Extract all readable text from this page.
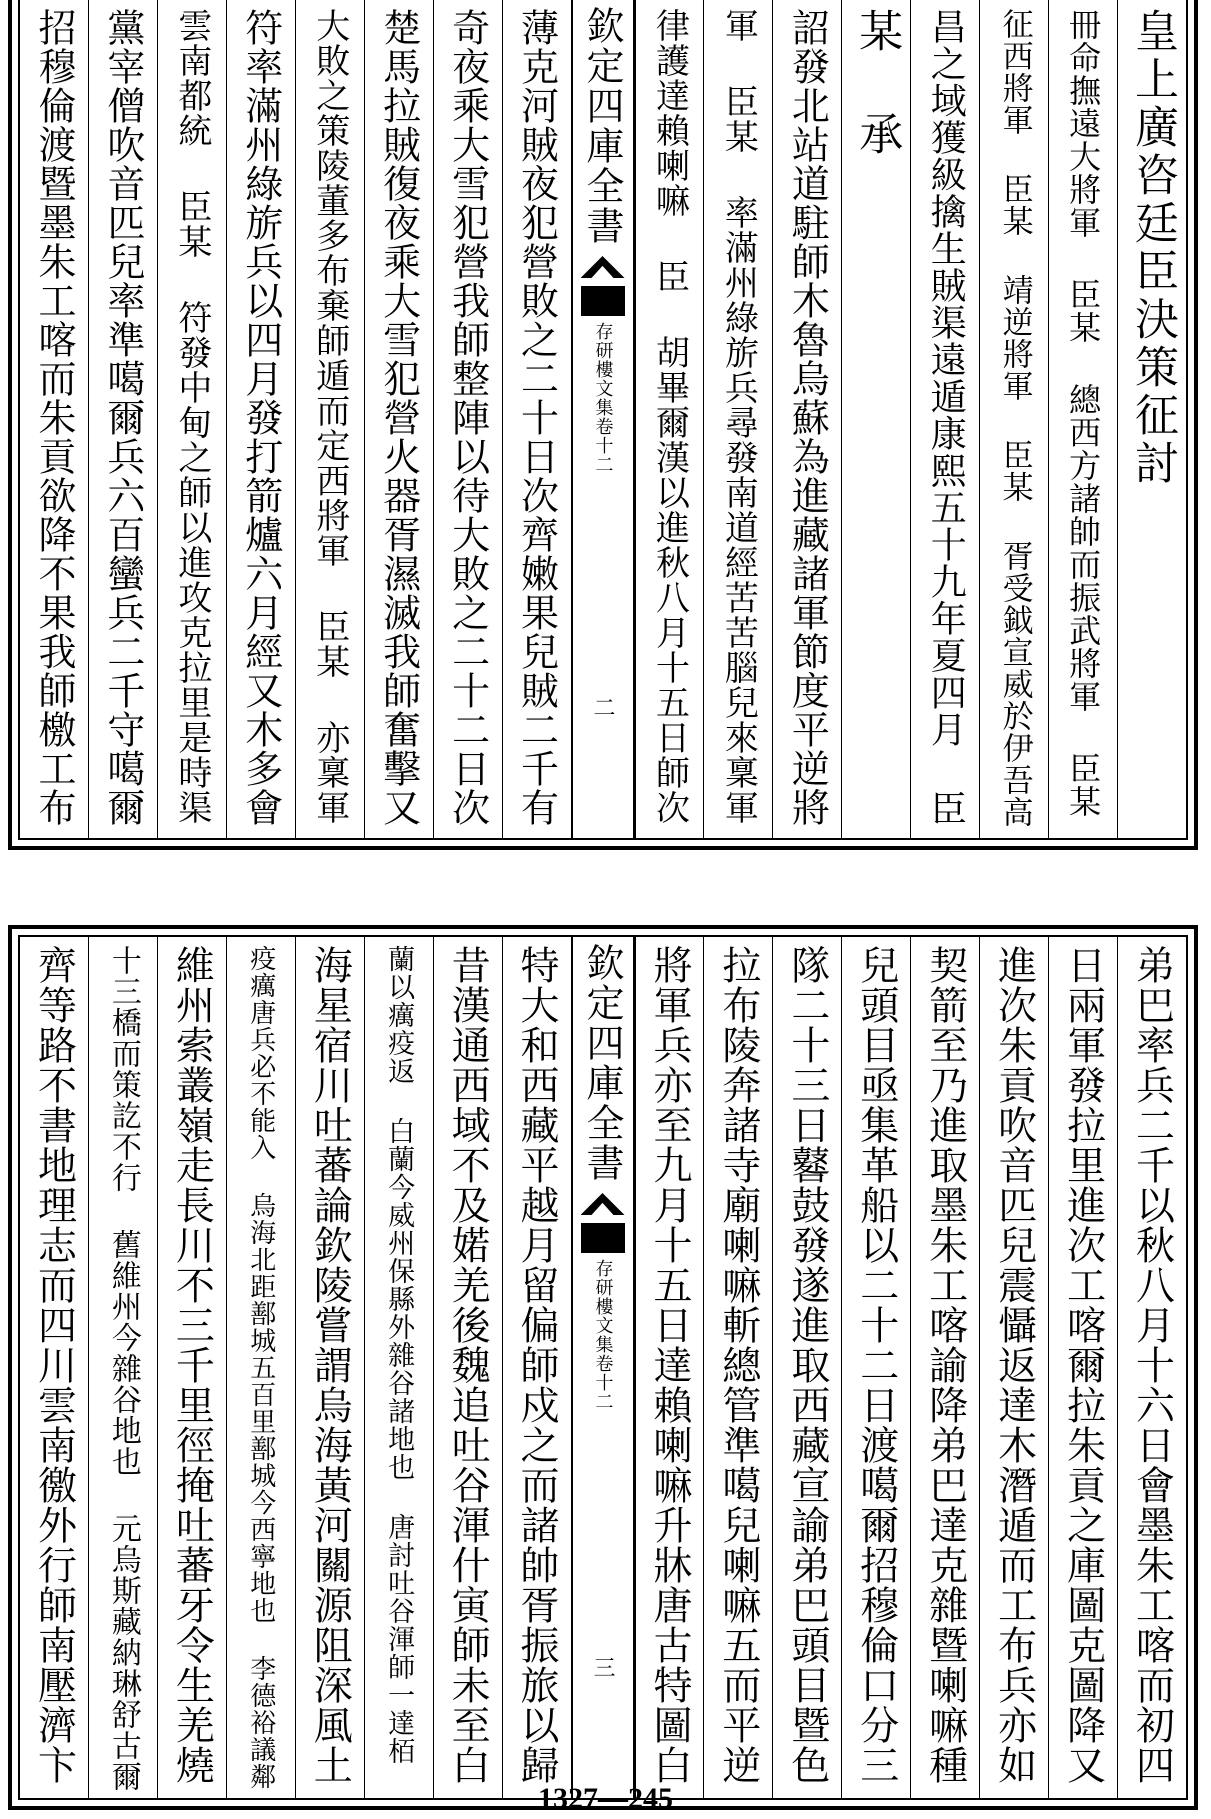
皇上廣咨廷臣決策征討
冊命撫遠大將軍 臣某 總西方諸帥而振武將軍 臣某
征西將軍 臣某 靖逆將軍 臣某 胥受鉞宣威於伊吾高
昌之域獲級擒生賊渠遠遁康熙五十九年夏四月 臣
某 承
詔發北站道駐師木魯烏蘇為進藏諸軍節度平逆將
軍 臣某 率滿州綠旂兵尋發南道經苦苦腦兒來稟軍
律護達賴喇嘛 臣 胡畢爾漢以進秋八月十五日師次
欽定四庫全書
存研樓文集
卷十二
二
薄克河賊夜犯營敗之二十日次齊嫩果兒賊二千有
奇夜乘大雪犯營我師整陣以待大敗之二十二日次
楚馬拉賊復夜乘大雪犯營火器胥濕滅我師奮擊又
大敗之策陵董多布棄師遁而定西將軍 臣某 亦稟軍
符率滿州綠旂兵以四月發打箭爐六月經又木多會
雲南都統 臣某 符發中甸之師以進攻克拉里是時渠
黨宰僧吹音匹兒率準噶爾兵六百蠻兵二千守噶爾
招穆倫渡暨墨朱工喀而朱貢欲降不果我師檄工布
弟巴率兵二千以秋八月十六日會墨朱工喀而初四
日兩軍發拉里進次工喀爾拉朱貢之庫圖克圖降又
進次朱貢吹音匹兒震懾返達木潛遁而工布兵亦如
契箭至乃進取墨朱工喀諭降弟巴達克雜暨喇嘛種
兒頭目亟集革船以二十二日渡噶爾招穆倫口分三
隊二十三日鼛鼓發遂進取西藏宣諭弟巴頭目暨色
拉布陵奔諸寺廟喇嘛斬總管準噶兒喇嘛五而平逆
將軍兵亦至九月十五日達賴喇嘛升牀唐古特圖白
欽定四庫全書
存研樓文集
卷十二
三
特大和西藏平越月留偏師戍之而諸帥胥振旅以歸
昔漢通西域不及婼羌後魏追吐谷渾什寅師未至白
蘭以癘疫返 白蘭今威州保縣外雜谷諸地也 唐討吐谷渾師一達栢
海星宿川吐蕃論欽陵嘗謂烏海黃河關源阻深風土
疫癘唐兵必不能入 烏海北距鄯城五百里鄯城今西寧地也 李德裕議鄰
維州索叢嶺走長川不三千里徑掩吐蕃牙令生羌燒
十三橋而策訖不行 舊維州今雜谷地也 元烏斯藏納琳舒古爾
齊等路不書地理志而四川雲南徼外行師南壓濟卞
1327—245
